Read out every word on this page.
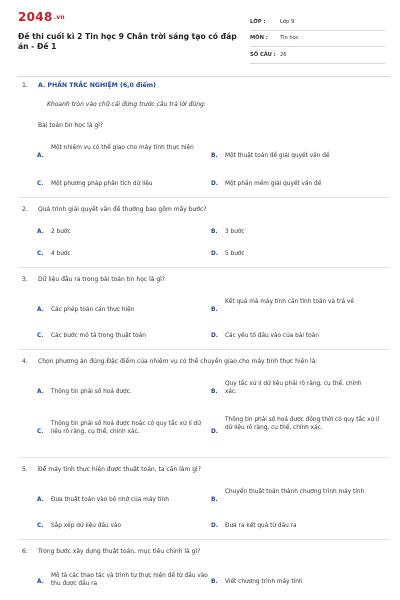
2048.vn
Đề thi cuối kì 2 Tin học 9 Chân trời sáng tạo có đáp án - Đề 1
LỚP :	Lớp 9
MÔN :	Tin học
SỐ CÂU : 26
1. A. PHẦN TRẮC NGHIỆM (6,0 điểm)
Khoanh tròn vào chữ cái đứng trước câu trả lời đúng:
Bài toán tin học là gì?
A.
Một nhiệm vụ có thể giao cho máy tính thực hiện
B.	Một thuật toán để giải quyết vấn đề
C.	Một phương pháp phân tích dữ liệu	D.	Một phần mềm giải quyết vấn đề
2. Quá trình giải quyết vấn đề thường bao gồm mấy bước?
A.	2 bước	B.	3 bước
C.	4 bước	D.	5 bước
3. Dữ liệu đầu ra trong bài toán tin học là gì?
A.	Các phép toán cần thực hiện	B.
Kết quả mà máy tính cần tính toán và trả về
C.	Các bước mô tả trong thuật toán	D.	Các yếu tố đầu vào của bài toán
4. Chọn phương án đúng.Đặc điểm của nhiệm vụ có thể chuyển giao cho máy tính thực hiện là:
A.	Thông tin phải số hoá được.	B.
Quy tắc xử lí dữ liệu phải rõ ràng, cụ thể, chính xác.
C.
Thông tin phải số hoá được hoặc có quy tắc xử lí dữ liệu rõ ràng, cụ thể, chính xác.	D.
Thông tin phải số hoá được đồng thời có quy tắc xử lí dữ liệu rõ ràng, cụ thể, chính xác.
5. Để máy tính thực hiện được thuật toán, ta cần làm gì?
A.	Đưa thuật toán vào bộ nhớ của máy tính	B.
Chuyển thuật toán thành chương trình máy tính
C.	Sắp xếp dữ liệu đầu vào	D.	Đưa ra kết quả từ đầu ra
6. Trong bước xây dựng thuật toán, mục tiêu chính là gì?
A.
Mô tả các thao tác và trình tự thực hiện để từ đầu vào thu được đầu ra	B.	Viết chương trình máy tính
